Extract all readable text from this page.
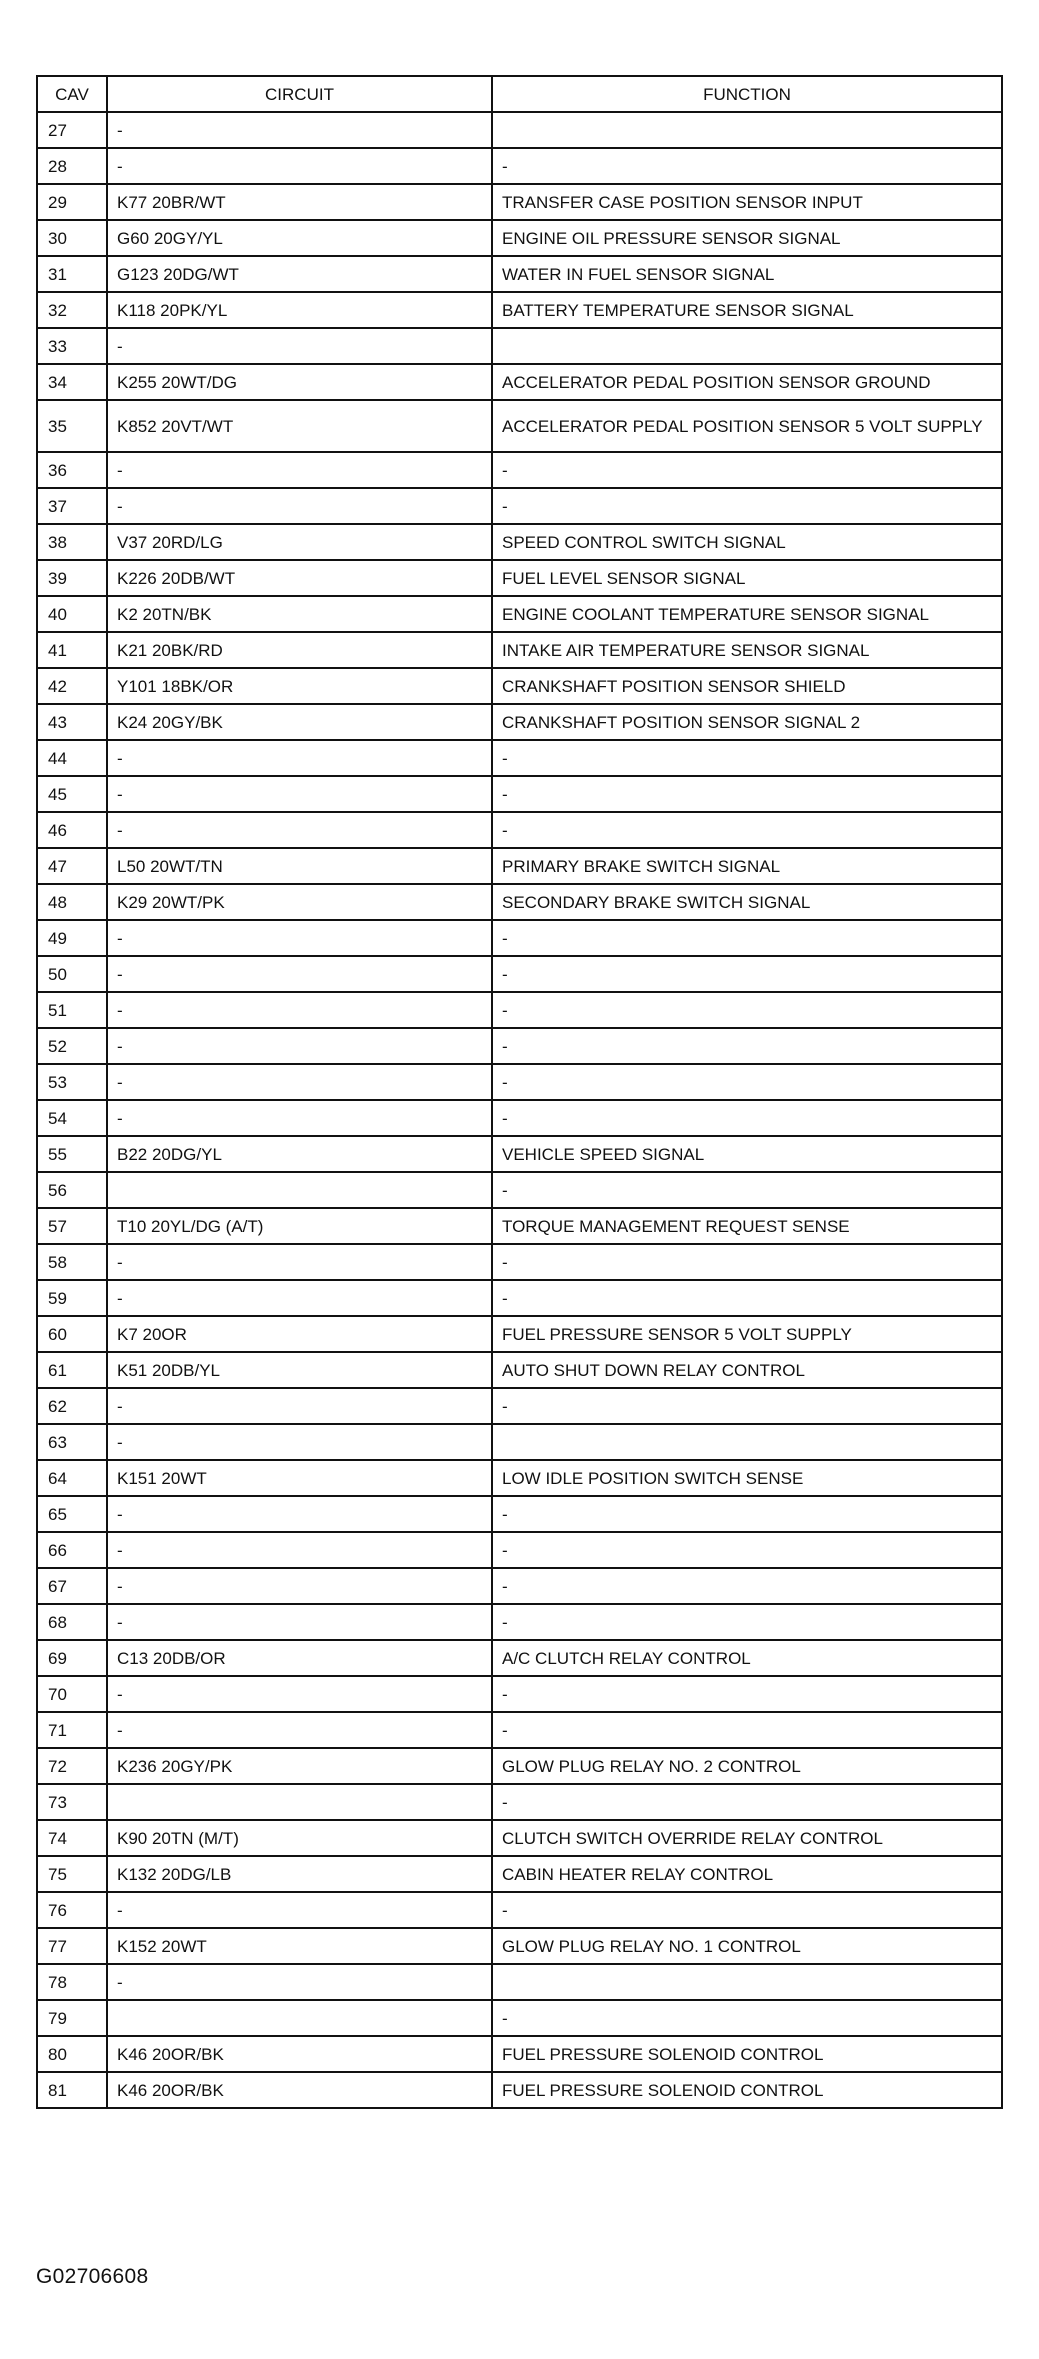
CAV	CIRCUIT	FUNCTION
27	-	
28	-	-
29	K77 20BR/WT	TRANSFER CASE POSITION SENSOR INPUT
30	G60 20GY/YL	ENGINE OIL PRESSURE SENSOR SIGNAL
31	G123 20DG/WT	WATER IN FUEL SENSOR SIGNAL
32	K118 20PK/YL	BATTERY TEMPERATURE SENSOR SIGNAL
33	-	
34	K255 20WT/DG	ACCELERATOR PEDAL POSITION SENSOR GROUND
35	K852 20VT/WT	ACCELERATOR PEDAL POSITION SENSOR 5 VOLT SUPPLY
36	-	-
37	-	-
38	V37 20RD/LG	SPEED CONTROL SWITCH SIGNAL
39	K226 20DB/WT	FUEL LEVEL SENSOR SIGNAL
40	K2 20TN/BK	ENGINE COOLANT TEMPERATURE SENSOR SIGNAL
41	K21 20BK/RD	INTAKE AIR TEMPERATURE SENSOR SIGNAL
42	Y101 18BK/OR	CRANKSHAFT POSITION SENSOR SHIELD
43	K24 20GY/BK	CRANKSHAFT POSITION SENSOR SIGNAL 2
44	-	-
45	-	-
46	-	-
47	L50 20WT/TN	PRIMARY BRAKE SWITCH SIGNAL
48	K29 20WT/PK	SECONDARY BRAKE SWITCH SIGNAL
49	-	-
50	-	-
51	-	-
52	-	-
53	-	-
54	-	-
55	B22 20DG/YL	VEHICLE SPEED SIGNAL
56		-
57	T10 20YL/DG (A/T)	TORQUE MANAGEMENT REQUEST SENSE
58	-	-
59	-	-
60	K7 20OR	FUEL PRESSURE SENSOR 5 VOLT SUPPLY
61	K51 20DB/YL	AUTO SHUT DOWN RELAY CONTROL
62	-	-
63	-	
64	K151 20WT	LOW IDLE POSITION SWITCH SENSE
65	-	-
66	-	-
67	-	-
68	-	-
69	C13 20DB/OR	A/C CLUTCH RELAY CONTROL
70	-	-
71	-	-
72	K236 20GY/PK	GLOW PLUG RELAY NO. 2 CONTROL
73		-
74	K90 20TN (M/T)	CLUTCH SWITCH OVERRIDE RELAY CONTROL
75	K132 20DG/LB	CABIN HEATER RELAY CONTROL
76	-	-
77	K152 20WT	GLOW PLUG RELAY NO. 1 CONTROL
78	-	
79		-
80	K46 20OR/BK	FUEL PRESSURE SOLENOID CONTROL
81	K46 20OR/BK	FUEL PRESSURE SOLENOID CONTROL
G02706608
